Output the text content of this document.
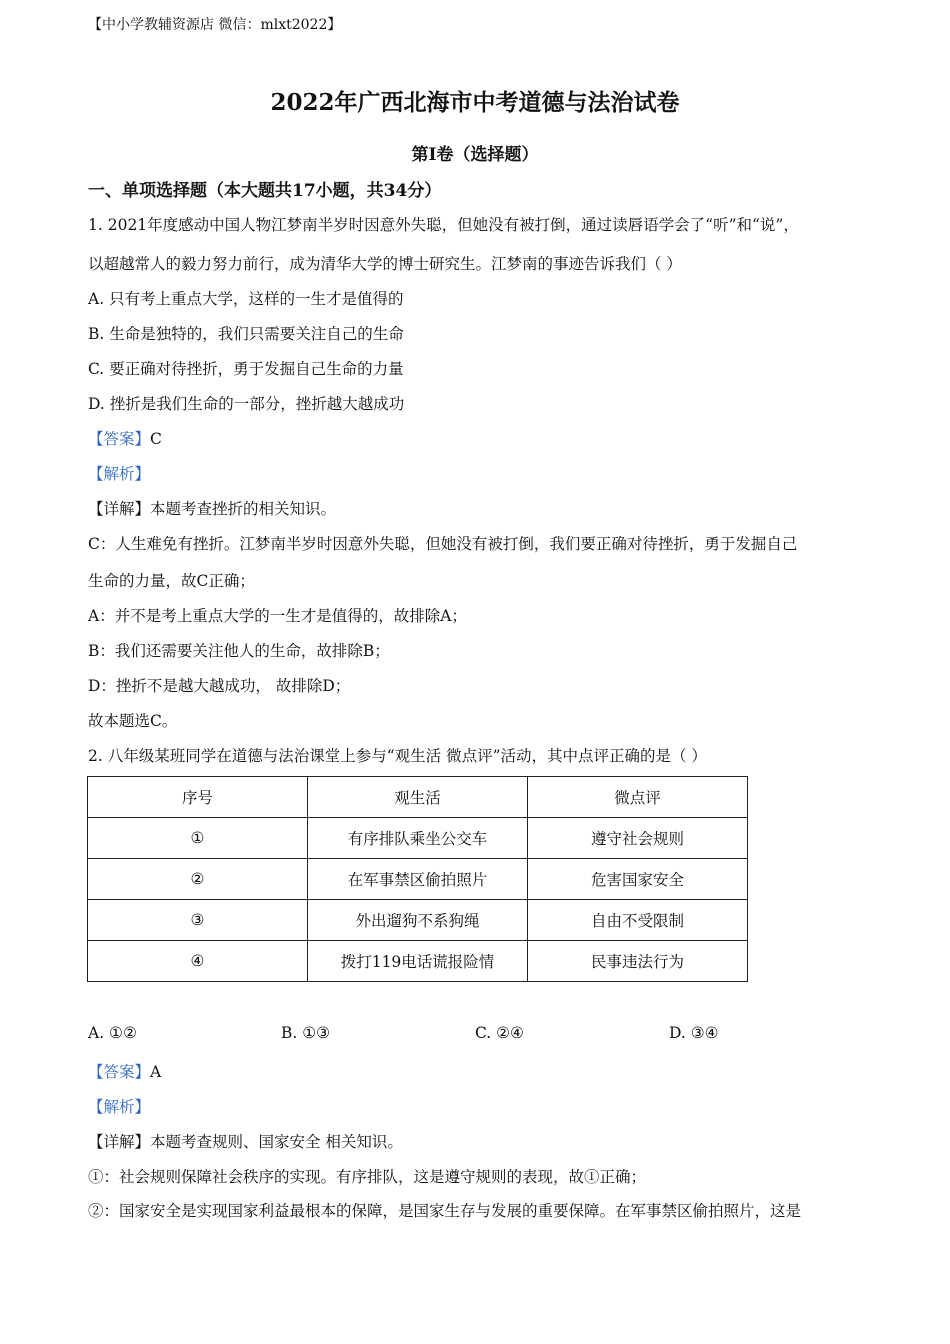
【中小学教辅资源店 微信：mlxt2022】
2022年广西北海市中考道德与法治试卷
第I卷（选择题）
一、单项选择题（本大题共17小题，共34分）
1. 2021年度感动中国人物江梦南半岁时因意外失聪，但她没有被打倒，通过读唇语学会了“听”和“说”，
以超越常人的毅力努力前行，成为清华大学的博士研究生。江梦南的事迹告诉我们（ ）
A. 只有考上重点大学，这样的一生才是值得的
B. 生命是独特的，我们只需要关注自己的生命
C. 要正确对待挫折，勇于发掘自己生命的力量
D. 挫折是我们生命的一部分，挫折越大越成功
【答案】C
【解析】
【详解】本题考查挫折的相关知识。
C：人生难免有挫折。江梦南半岁时因意外失聪，但她没有被打倒，我们要正确对待挫折，勇于发掘自己
生命的力量，故C正确；
A：并不是考上重点大学的一生才是值得的，故排除A；
B：我们还需要关注他人的生命，故排除B；
D：挫折不是越大越成功， 故排除D；
故本题选C。
2. 八年级某班同学在道德与法治课堂上参与“观生活 微点评”活动，其中点评正确的是（ ）
序号	观生活	微点评
①	有序排队乘坐公交车	遵守社会规则
②	在军事禁区偷拍照片	危害国家安全
③	外出遛狗不系狗绳	自由不受限制
④	拨打119电话谎报险情	民事违法行为
A. ①②	B. ①③	C. ②④	D. ③④
【答案】A
【解析】
【详解】本题考查规则、国家安全 相关知识。
①：社会规则保障社会秩序的实现。有序排队，这是遵守规则的表现，故①正确；
②：国家安全是实现国家利益最根本的保障，是国家生存与发展的重要保障。在军事禁区偷拍照片，这是
